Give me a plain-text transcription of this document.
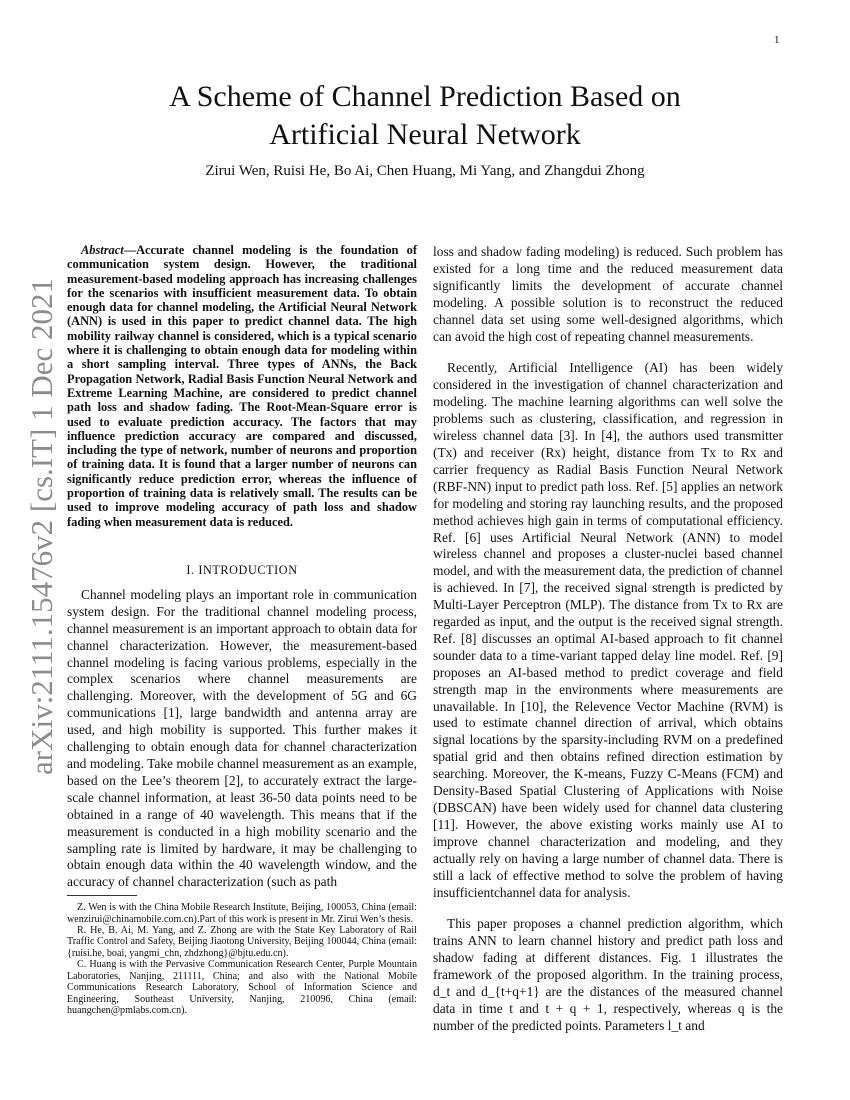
1
arXiv:2111.15476v2 [cs.IT] 1 Dec 2021
A Scheme of Channel Prediction Based on
Artificial Neural Network

Zirui Wen, Ruisi He, Bo Ai, Chen Huang, Mi Yang, and Zhangdui Zhong

Abstract—Accurate channel modeling is the foundation of communication system design. However, the traditional measurement-based modeling approach has increasing challenges for the scenarios with insufficient measurement data. To obtain enough data for channel modeling, the Artificial Neural Network (ANN) is used in this paper to predict channel data. The high mobility railway channel is considered, which is a typical scenario where it is challenging to obtain enough data for modeling within a short sampling interval. Three types of ANNs, the Back Propagation Network, Radial Basis Function Neural Network and Extreme Learning Machine, are considered to predict channel path loss and shadow fading. The Root-Mean-Square error is used to evaluate prediction accuracy. The factors that may influence prediction accuracy are compared and discussed, including the type of network, number of neurons and proportion of training data. It is found that a larger number of neurons can significantly reduce prediction error, whereas the influence of proportion of training data is relatively small. The results can be used to improve modeling accuracy of path loss and shadow fading when measurement data is reduced.

I. INTRODUCTION

Channel modeling plays an important role in communication system design. For the traditional channel modeling process, channel measurement is an important approach to obtain data for channel characterization. However, the measurement-based channel modeling is facing various problems, especially in the complex scenarios where channel measurements are challenging. Moreover, with the development of 5G and 6G communications [1], large bandwidth and antenna array are used, and high mobility is supported. This further makes it challenging to obtain enough data for channel characterization and modeling. Take mobile channel measurement as an example, based on the Lee’s theorem [2], to accurately extract the large-scale channel information, at least 36-50 data points need to be obtained in a range of 40 wavelength. This means that if the measurement is conducted in a high mobility scenario and the sampling rate is limited by hardware, it may be challenging to obtain enough data within the 40 wavelength window, and the accuracy of channel characterization (such as path

Z. Wen is with the China Mobile Research Institute, Beijing, 100053, China (email: wenzirui@chinamobile.com.cn).Part of this work is present in Mr. Zirui Wen’s thesis.

R. He, B. Ai, M. Yang, and Z. Zhong are with the State Key Laboratory of Rail Traffic Control and Safety, Beijing Jiaotong University, Beijing 100044, China (email: {ruisi.he, boai, yangmi_chn, zhdzhong}@bjtu.edu.cn).

C. Huang is with the Pervasive Communication Research Center, Purple Mountain Laboratories, Nanjing, 211111, China; and also with the National Mobile Communications Research Laboratory, School of Information Science and Engineering, Southeast University, Nanjing, 210096, China (email: huangchen@pmlabs.com.cn).

loss and shadow fading modeling) is reduced. Such problem has existed for a long time and the reduced measurement data significantly limits the development of accurate channel modeling. A possible solution is to reconstruct the reduced channel data set using some well-designed algorithms, which can avoid the high cost of repeating channel measurements.

Recently, Artificial Intelligence (AI) has been widely considered in the investigation of channel characterization and modeling. The machine learning algorithms can well solve the problems such as clustering, classification, and regression in wireless channel data [3]. In [4], the authors used transmitter (Tx) and receiver (Rx) height, distance from Tx to Rx and carrier frequency as Radial Basis Function Neural Network (RBF-NN) input to predict path loss. Ref. [5] applies an network for modeling and storing ray launching results, and the proposed method achieves high gain in terms of computational efficiency. Ref. [6] uses Artificial Neural Network (ANN) to model wireless channel and proposes a cluster-nuclei based channel model, and with the measurement data, the prediction of channel is achieved. In [7], the received signal strength is predicted by Multi-Layer Perceptron (MLP). The distance from Tx to Rx are regarded as input, and the output is the received signal strength. Ref. [8] discusses an optimal AI-based approach to fit channel sounder data to a time-variant tapped delay line model. Ref. [9] proposes an AI-based method to predict coverage and field strength map in the environments where measurements are unavailable. In [10], the Relevence Vector Machine (RVM) is used to estimate channel direction of arrival, which obtains signal locations by the sparsity-including RVM on a predefined spatial grid and then obtains refined direction estimation by searching. Moreover, the K-means, Fuzzy C-Means (FCM) and Density-Based Spatial Clustering of Applications with Noise (DBSCAN) have been widely used for channel data clustering [11]. However, the above existing works mainly use AI to improve channel characterization and modeling, and they actually rely on having a large number of channel data. There is still a lack of effective method to solve the problem of having insufficientchannel data for analysis.

This paper proposes a channel prediction algorithm, which trains ANN to learn channel history and predict path loss and shadow fading at different distances. Fig. 1 illustrates the framework of the proposed algorithm. In the training process, d_t and d_{t+q+1} are the distances of the measured channel data in time t and t + q + 1, respectively, whereas q is the number of the predicted points. Parameters l_t and
